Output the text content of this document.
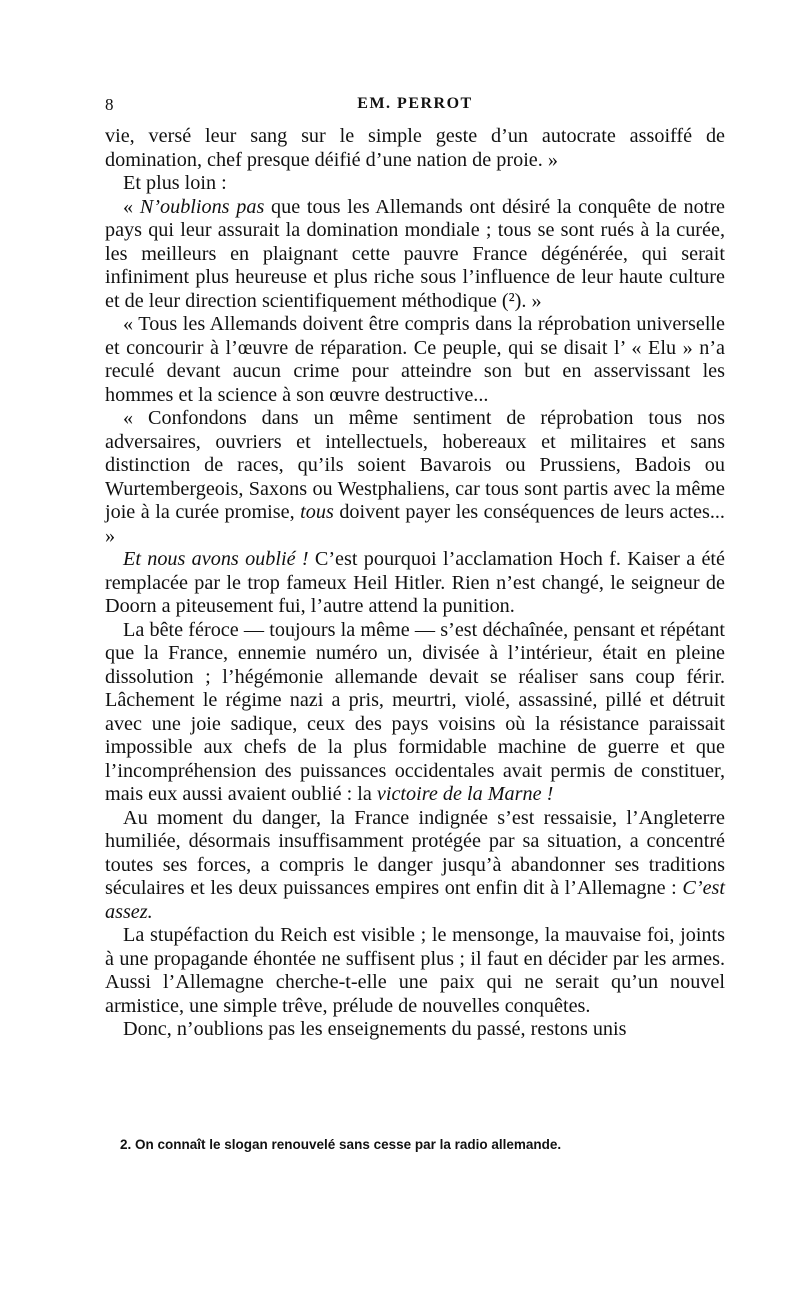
8	EM. PERROT

vie, versé leur sang sur le simple geste d’un autocrate assoiffé de domination, chef presque déifié d’une nation de proie. »

Et plus loin :

« N’oublions pas que tous les Allemands ont désiré la conquête de notre pays qui leur assurait la domination mondiale ; tous se sont rués à la curée, les meilleurs en plaignant cette pauvre France dégénérée, qui serait infiniment plus heureuse et plus riche sous l’influence de leur haute culture et de leur direction scientifiquement méthodique (²). »

« Tous les Allemands doivent être compris dans la réprobation universelle et concourir à l’œuvre de réparation. Ce peuple, qui se disait l’ « Elu » n’a reculé devant aucun crime pour atteindre son but en asservissant les hommes et la science à son œuvre destructive...

« Confondons dans un même sentiment de réprobation tous nos adversaires, ouvriers et intellectuels, hobereaux et militaires et sans distinction de races, qu’ils soient Bavarois ou Prussiens, Badois ou Wurtembergeois, Saxons ou Westphaliens, car tous sont partis avec la même joie à la curée promise, tous doivent payer les conséquences de leurs actes... »

Et nous avons oublié ! C’est pourquoi l’acclamation Hoch f. Kaiser a été remplacée par le trop fameux Heil Hitler. Rien n’est changé, le seigneur de Doorn a piteusement fui, l’autre attend la punition.

La bête féroce — toujours la même — s’est déchaînée, pensant et répétant que la France, ennemie numéro un, divisée à l’intérieur, était en pleine dissolution ; l’hégémonie allemande devait se réaliser sans coup férir. Lâchement le régime nazi a pris, meurtri, violé, assassiné, pillé et détruit avec une joie sadique, ceux des pays voisins où la résistance paraissait impossible aux chefs de la plus formidable machine de guerre et que l’incompréhension des puissances occidentales avait permis de constituer, mais eux aussi avaient oublié : la victoire de la Marne !

Au moment du danger, la France indignée s’est ressaisie, l’Angleterre humiliée, désormais insuffisamment protégée par sa situation, a concentré toutes ses forces, a compris le danger jusqu’à abandonner ses traditions séculaires et les deux puissances empires ont enfin dit à l’Allemagne : C’est assez.

La stupéfaction du Reich est visible ; le mensonge, la mauvaise foi, joints à une propagande éhontée ne suffisent plus ; il faut en décider par les armes. Aussi l’Allemagne cherche-t-elle une paix qui ne serait qu’un nouvel armistice, une simple trêve, prélude de nouvelles conquêtes.

Donc, n’oublions pas les enseignements du passé, restons unis

2. On connaît le slogan renouvelé sans cesse par la radio allemande.
